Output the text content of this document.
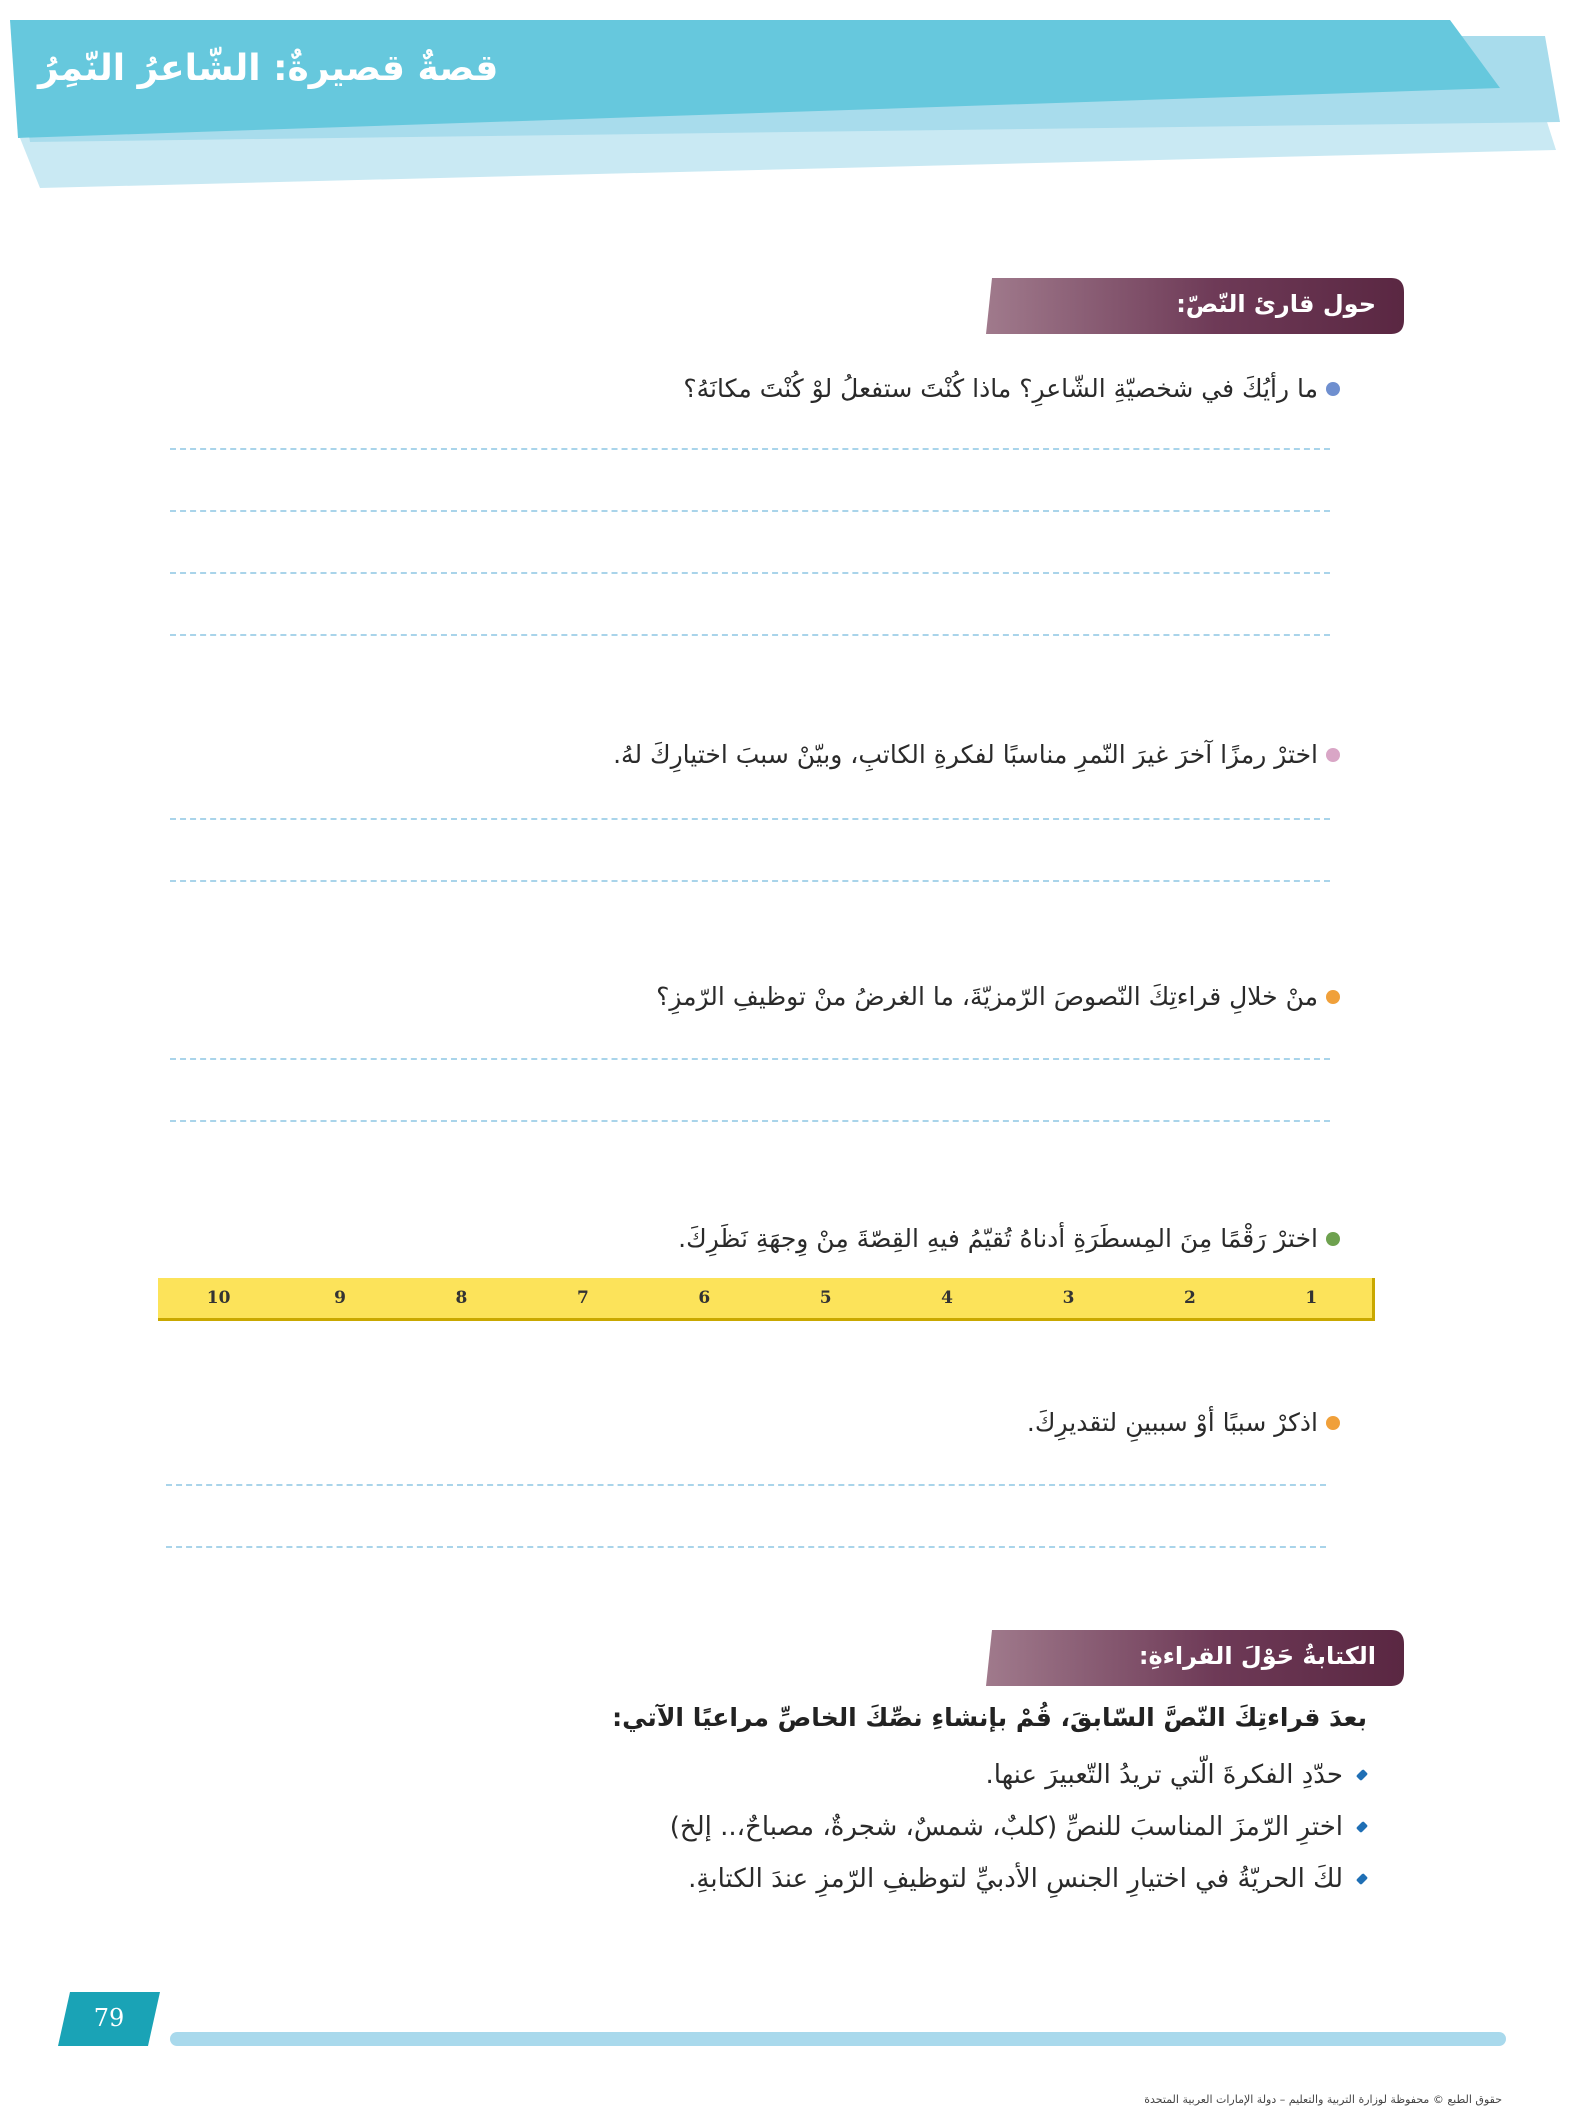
قصةٌ قصيرةٌ: الشّاعرُ النّمِرُ
حول قارئ النّصّ:
ما رأيُكَ في شخصيّةِ الشّاعرِ؟ ماذا كُنْتَ ستفعلُ لوْ كُنْتَ مكانَهُ؟
اخترْ رمزًا آخرَ غيرَ النّمرِ مناسبًا لفكرةِ الكاتبِ، وبيّنْ سببَ اختيارِكَ لهُ.
منْ خلالِ قراءتِكَ النّصوصَ الرّمزيّةَ، ما الغرضُ منْ توظيفِ الرّمزِ؟
اخترْ رَقْمًا مِنَ المِسطَرَةِ أدناهُ تُقيّمُ فيهِ القِصّةَ مِنْ وِجهَةِ نَظَرِكَ.
1
2
3
4
5
6
7
8
9
10
اذكرْ سببًا أوْ سببينِ لتقديرِكَ.
الكتابةُ حَوْلَ القراءةِ:
بعدَ قراءتِكَ النّصَّ السّابقَ، قُمْ بإنشاءِ نصِّكَ الخاصِّ مراعيًا الآتي:
حدّدِ الفكرةَ الّتي تريدُ التّعبيرَ عنها.
اخترِ الرّمزَ المناسبَ للنصِّ (كلبٌ، شمسٌ، شجرةٌ، مصباحٌ،.. إلخ)
لكَ الحريّةُ في اختيارِ الجنسِ الأدبيِّ لتوظيفِ الرّمزِ عندَ الكتابةِ.
79
حقوق الطبع © محفوظة لوزارة التربية والتعليم – دولة الإمارات العربية المتحدة
